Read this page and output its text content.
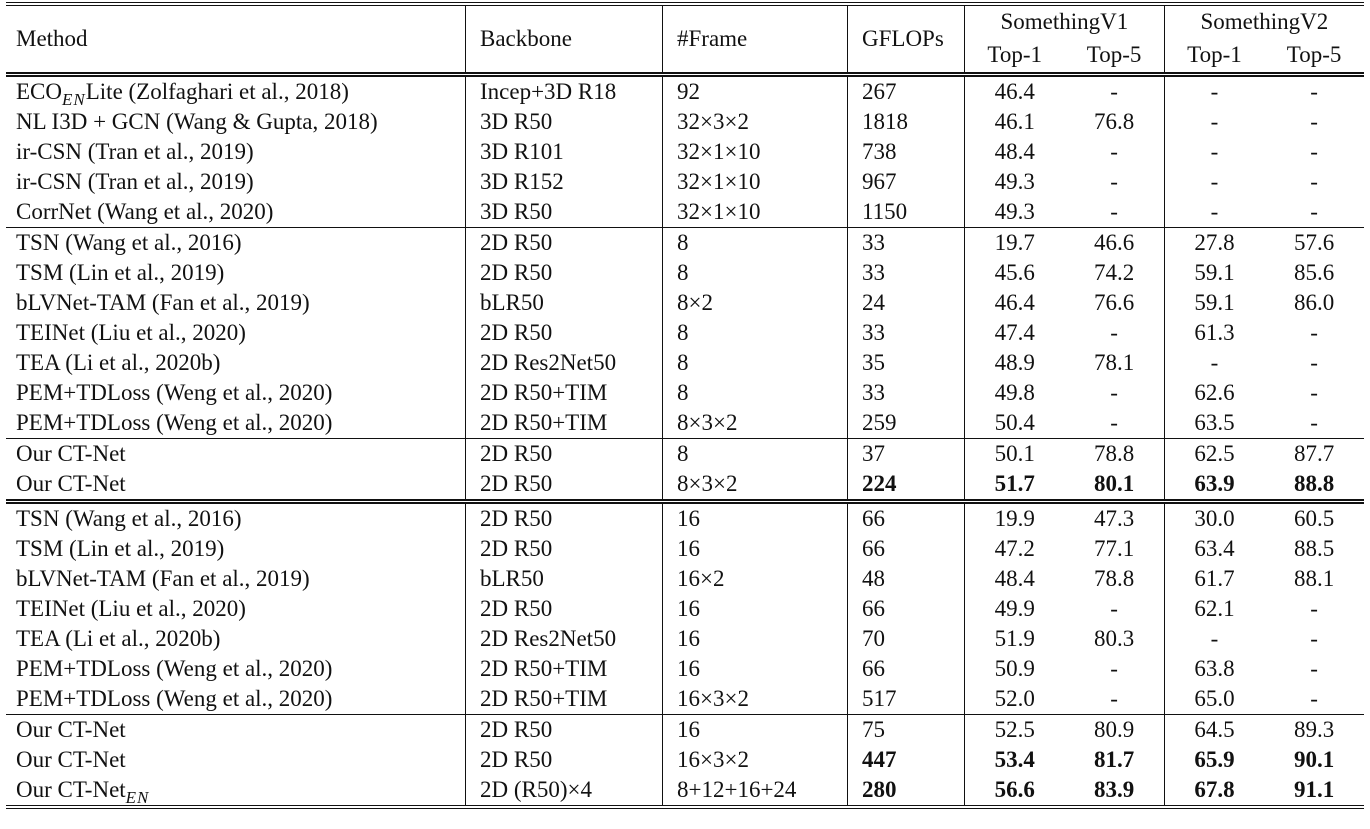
Method	Backbone	#Frame	GFLOPs	SomethingV1		SomethingV2	
				Top-1	Top-5	Top-1	Top-5
$ECO_{EN}Lite$ (Zolfaghari et al., 2018)	Incep+3D R18	92	267	46.4	-	-	-
NL I3D + GCN (Wang & Gupta, 2018)	3D R50	32×3×2	1818	46.1	76.8	-	-
ir-CSN (Tran et al., 2019)	3D R101	32×1×10	738	48.4	-	-	-
ir-CSN (Tran et al., 2019)	3D R152	32×1×10	967	49.3	-	-	-
CorrNet (Wang et al., 2020)	3D R50	32×1×10	1150	49.3	-	-	-
TSN (Wang et al., 2016)	2D R50	8	33	19.7	46.6	27.8	57.6
TSM (Lin et al., 2019)	2D R50	8	33	45.6	74.2	59.1	85.6
bLVNet-TAM (Fan et al., 2019)	bLR50	8×2	24	46.4	76.6	59.1	86.0
TEINet (Liu et al., 2020)	2D R50	8	33	47.4	-	61.3	-
TEA (Li et al., 2020b)	2D Res2Net50	8	35	48.9	78.1	-	-
PEM+TDLoss (Weng et al., 2020)	2D R50+TIM	8	33	49.8	-	62.6	-
PEM+TDLoss (Weng et al., 2020)	2D R50+TIM	8×3×2	259	50.4	-	63.5	-
Our CT-Net	2D R50	8	37	50.1	78.8	62.5	87.7
Our CT-Net	2D R50	8×3×2	224	51.7	80.1	63.9	88.8
TSN (Wang et al., 2016)	2D R50	16	66	19.9	47.3	30.0	60.5
TSM (Lin et al., 2019)	2D R50	16	66	47.2	77.1	63.4	88.5
bLVNet-TAM (Fan et al., 2019)	bLR50	16×2	48	48.4	78.8	61.7	88.1
TEINet (Liu et al., 2020)	2D R50	16	66	49.9	-	62.1	-
TEA (Li et al., 2020b)	2D Res2Net50	16	70	51.9	80.3	-	-
PEM+TDLoss (Weng et al., 2020)	2D R50+TIM	16	66	50.9	-	63.8	-
PEM+TDLoss (Weng et al., 2020)	2D R50+TIM	16×3×2	517	52.0	-	65.0	-
Our CT-Net	2D R50	16	75	52.5	80.9	64.5	89.3
Our CT-Net	2D R50	16×3×2	447	53.4	81.7	65.9	90.1
Our CT-Net$_{EN}$	2D (R50)×4	8+12+16+24	280	56.6	83.9	67.8	91.1
